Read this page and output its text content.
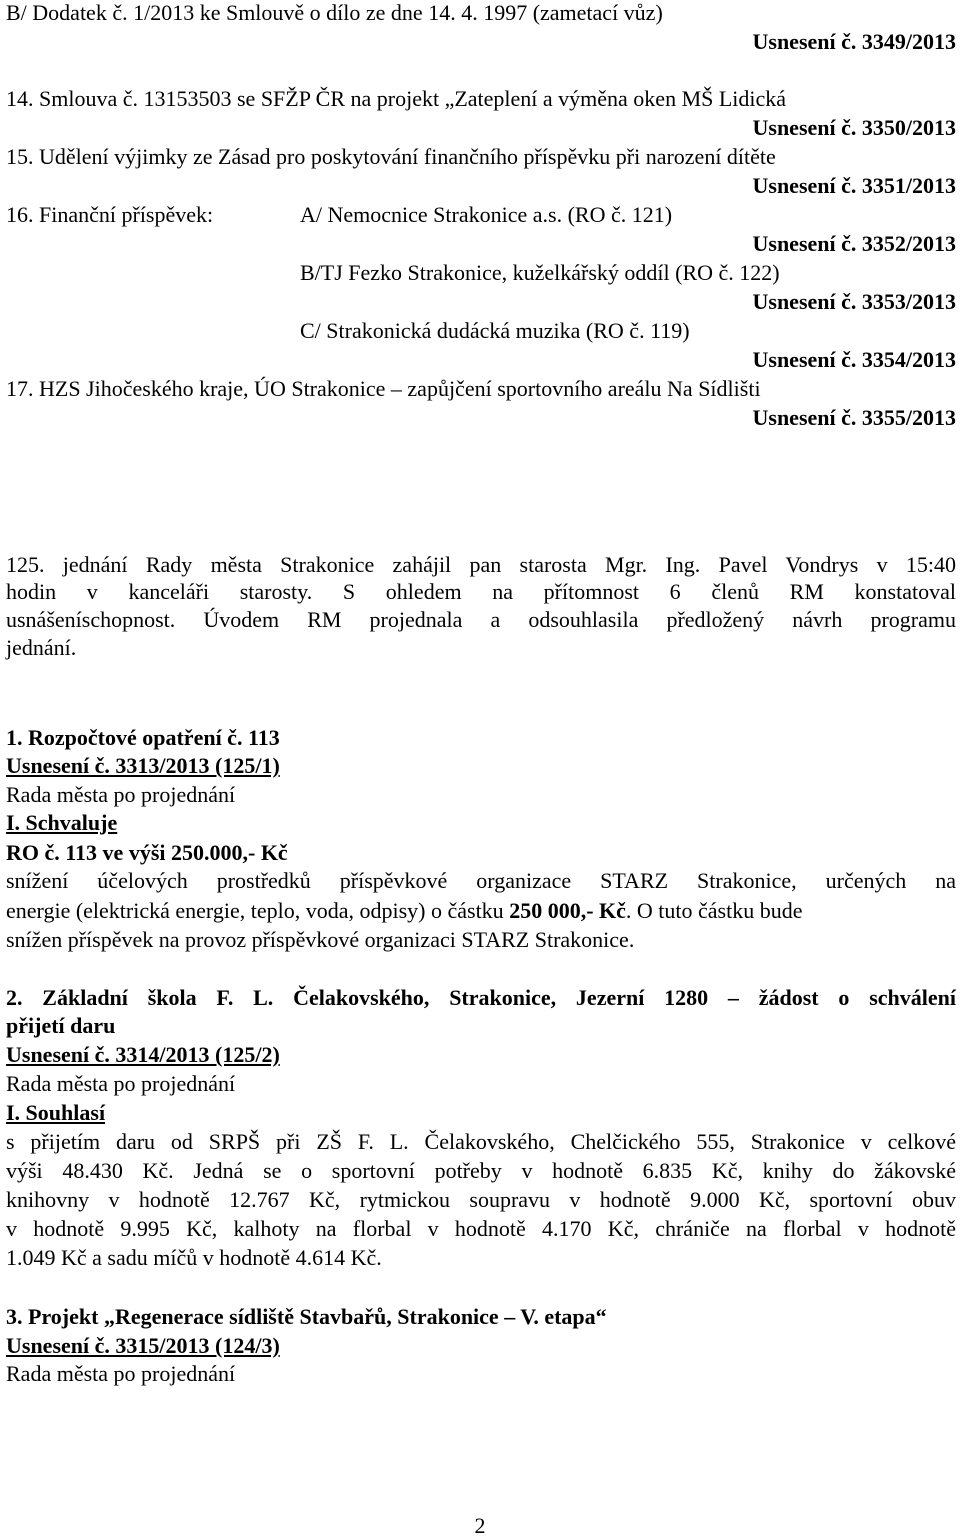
B/ Dodatek č. 1/2013 ke Smlouvě o dílo ze dne 14. 4. 1997 (zametací vůz)
Usnesení č. 3349/2013
14. Smlouva č. 13153503 se SFŽP ČR na projekt „Zateplení a výměna oken MŠ Lidická
Usnesení č. 3350/2013
15. Udělení výjimky ze Zásad pro poskytování finančního příspěvku při narození dítěte
Usnesení č. 3351/2013
16. Finanční příspěvek:	A/ Nemocnice Strakonice a.s. (RO č. 121)
Usnesení č. 3352/2013
B/TJ Fezko Strakonice, kuželkářský oddíl (RO č. 122)
Usnesení č. 3353/2013
C/ Strakonická dudácká muzika (RO č. 119)
Usnesení č. 3354/2013
17. HZS Jihočeského kraje, ÚO Strakonice – zapůjčení sportovního areálu Na Sídlišti
Usnesení č. 3355/2013
125. jednání Rady města Strakonice zahájil pan starosta Mgr. Ing. Pavel Vondrys v 15:40
hodin v kanceláři starosty. S ohledem na přítomnost 6 členů RM konstatoval
usnášeníschopnost. Úvodem RM projednala a odsouhlasila předložený návrh programu
jednání.
1. Rozpočtové opatření č. 113
Usnesení č. 3313/2013 (125/1)
Rada města po projednání
I. Schvaluje
RO č. 113 ve výši 250.000,- Kč
snížení účelových prostředků příspěvkové organizace STARZ Strakonice, určených na
energie (elektrická energie, teplo, voda, odpisy) o částku 250 000,- Kč. O tuto částku bude
snížen příspěvek na provoz příspěvkové organizaci STARZ Strakonice.
2. Základní škola F. L. Čelakovského, Strakonice, Jezerní 1280 – žádost o schválení
přijetí daru
Usnesení č. 3314/2013 (125/2)
Rada města po projednání
I. Souhlasí
s přijetím daru od SRPŠ při ZŠ F. L. Čelakovského, Chelčického 555, Strakonice v celkové
výši 48.430 Kč. Jedná se o sportovní potřeby v hodnotě 6.835 Kč, knihy do žákovské
knihovny v hodnotě 12.767 Kč, rytmickou soupravu v hodnotě 9.000 Kč, sportovní obuv
v hodnotě 9.995 Kč, kalhoty na florbal v hodnotě 4.170 Kč, chrániče na florbal v hodnotě
1.049 Kč a sadu míčů v hodnotě 4.614 Kč.
3. Projekt „Regenerace sídliště Stavbařů, Strakonice – V. etapa“
Usnesení č. 3315/2013 (124/3)
Rada města po projednání
2
